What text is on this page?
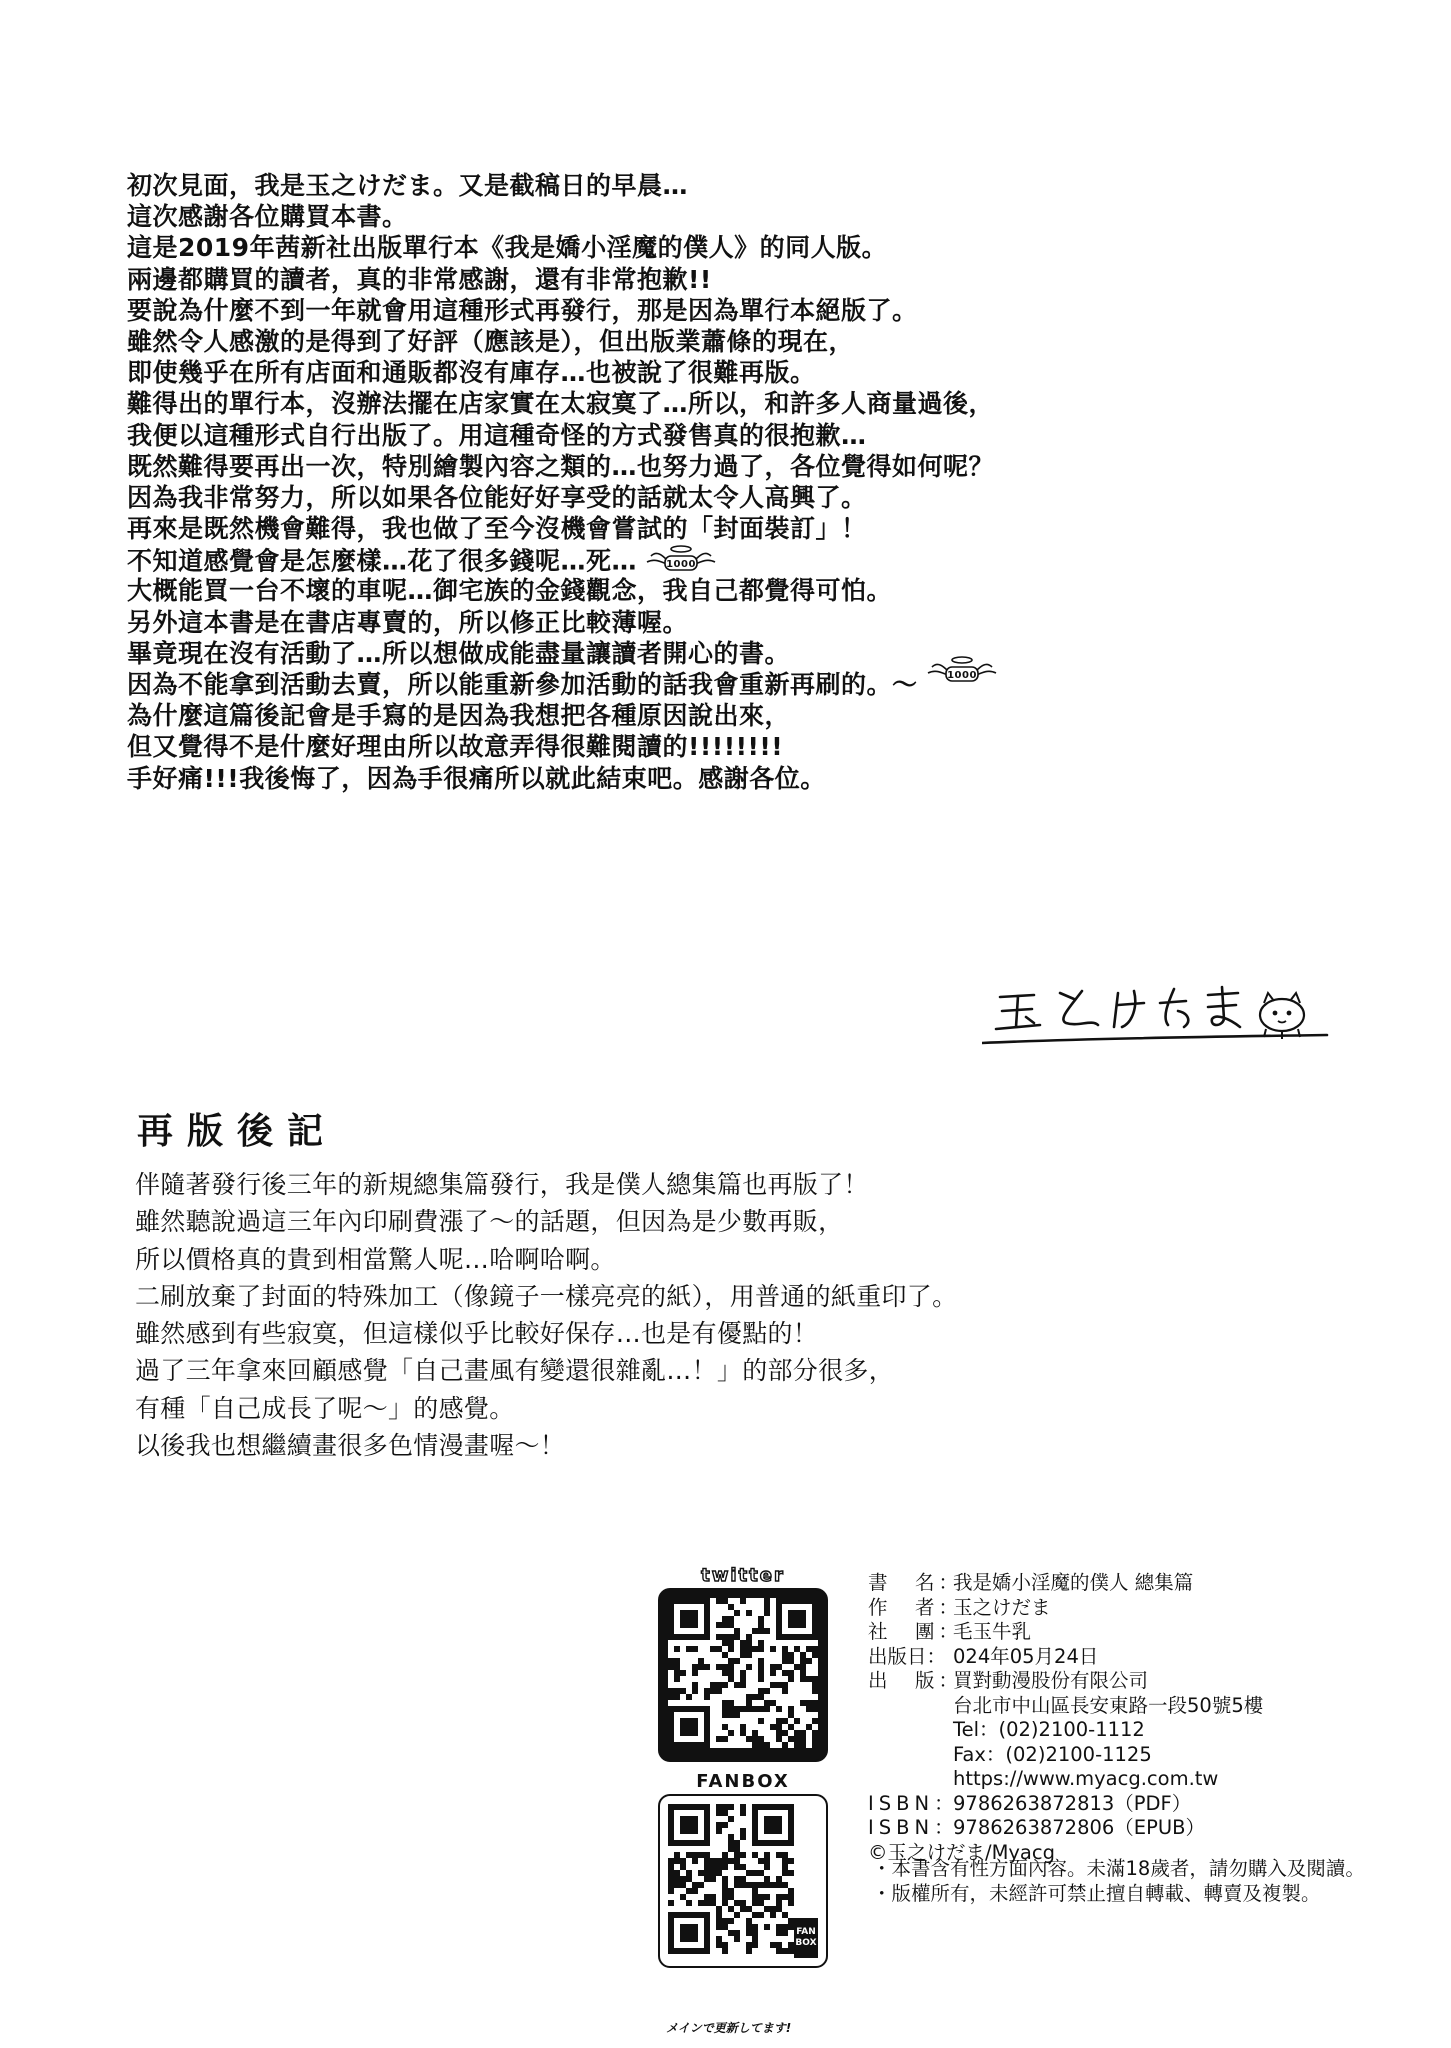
初次見面，我是玉之けだま。又是截稿日的早晨…
這次感謝各位購買本書。
這是2019年茜新社出版單行本《我是嬌小淫魔的僕人》的同人版。
兩邊都購買的讀者，真的非常感謝，還有非常抱歉!!
要說為什麼不到一年就會用這種形式再發行，那是因為單行本絕版了。
雖然令人感激的是得到了好評（應該是），但出版業蕭條的現在，
即使幾乎在所有店面和通販都沒有庫存…也被說了很難再版。
難得出的單行本，沒辦法擺在店家實在太寂寞了…所以，和許多人商量過後，
我便以這種形式自行出版了。用這種奇怪的方式發售真的很抱歉…
既然難得要再出一次，特別繪製內容之類的…也努力過了，各位覺得如何呢？
因為我非常努力，所以如果各位能好好享受的話就太令人高興了。
再來是既然機會難得，我也做了至今沒機會嘗試的「封面裝訂」！
不知道感覺會是怎麼樣…花了很多錢呢…死…	1000
大概能買一台不壞的車呢…御宅族的金錢觀念，我自己都覺得可怕。
另外這本書是在書店專賣的，所以修正比較薄喔。
畢竟現在沒有活動了…所以想做成能盡量讓讀者開心的書。
因為不能拿到活動去賣，所以能重新參加活動的話我會重新再刷的。～	1000
為什麼這篇後記會是手寫的是因為我想把各種原因說出來，
但又覺得不是什麼好理由所以故意弄得很難閱讀的!!!!!!!!
手好痛!!!我後悔了，因為手很痛所以就此結束吧。感謝各位。
再版後記
伴隨著發行後三年的新規總集篇發行，我是僕人總集篇也再版了！
雖然聽說過這三年內印刷費漲了～的話題，但因為是少數再販，
所以價格真的貴到相當驚人呢…哈啊哈啊。
二刷放棄了封面的特殊加工（像鏡子一樣亮亮的紙），用普通的紙重印了。
雖然感到有些寂寞，但這樣似乎比較好保存…也是有優點的！
過了三年拿來回顧感覺「自己畫風有變還很雜亂…！」的部分很多，
有種「自己成長了呢～」的感覺。
以後我也想繼續畫很多色情漫畫喔～！
twitter
FANBOX
FAN BOX
メインで更新してます!
書　名：我是嬌小淫魔的僕人 總集篇
作　者：玉之けだま
社　團：毛玉牛乳
出版日： 024年05月24日
出　版：買對動漫股份有限公司
台北市中山區長安東路一段50號5樓
Tel：(02)2100-1112
Fax：(02)2100-1125
https://www.myacg.com.tw
ISBN：9786263872813（PDF）
ISBN：9786263872806（EPUB）
©玉之けだま/Myacg
・本書含有性方面內容。未滿18歲者，請勿購入及閱讀。
・版權所有，未經許可禁止擅自轉載、轉賣及複製。
